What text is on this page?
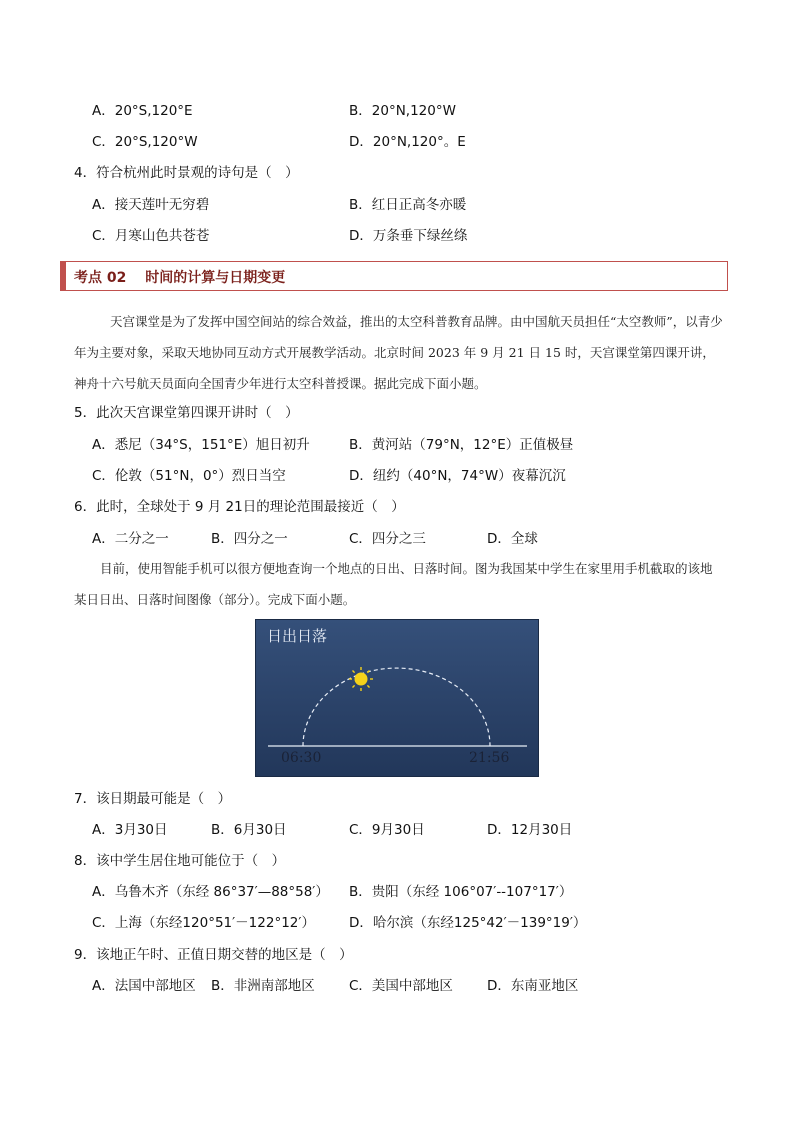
A．20°S,120°E	B．20°N,120°W
C．20°S,120°W	D．20°N,120°。E
4．符合杭州此时景观的诗句是（　）
A．接天莲叶无穷碧	B．红日正高冬亦暖
C．月寒山色共苍苍	D．万条垂下绿丝绦
考点 02　 时间的计算与日期变更
天宫课堂是为了发挥中国空间站的综合效益，推出的太空科普教育品牌。由中国航天员担任“太空教师”，以青少年为主要对象，采取天地协同互动方式开展教学活动。北京时间 2023 年 9 月 21 日 15 时，天宫课堂第四课开讲，神舟十六号航天员面向全国青少年进行太空科普授课。据此完成下面小题。
5．此次天宫课堂第四课开讲时（　）
A．悉尼（34°S，151°E）旭日初升	B．黄河站（79°N，12°E）正值极昼
C．伦敦（51°N，0°）烈日当空	D．纽约（40°N，74°W）夜幕沉沉
6．此时，全球处于 9 月 21日的理论范围最接近（　）
A．二分之一	B．四分之一	C．四分之三	D．全球
目前，使用智能手机可以很方便地查询一个地点的日出、日落时间。图为我国某中学生在家里用手机截取的该地某日日出、日落时间图像（部分）。完成下面小题。
日出日落
06:30	21:56
7．该日期最可能是（　）
A．3月30日	B．6月30日	C．9月30日	D．12月30日
8．该中学生居住地可能位于（　）
A．乌鲁木齐（东经 86°37′—88°58′） B．贵阳（东经 106°07′--107°17′）
C．上海（东经120°51′－122°12′）	D．哈尔滨（东经125°42′－139°19′）
9．该地正午时、正值日期交替的地区是（　）
A．法国中部地区 B．非洲南部地区	C．美国中部地区	D．东南亚地区
